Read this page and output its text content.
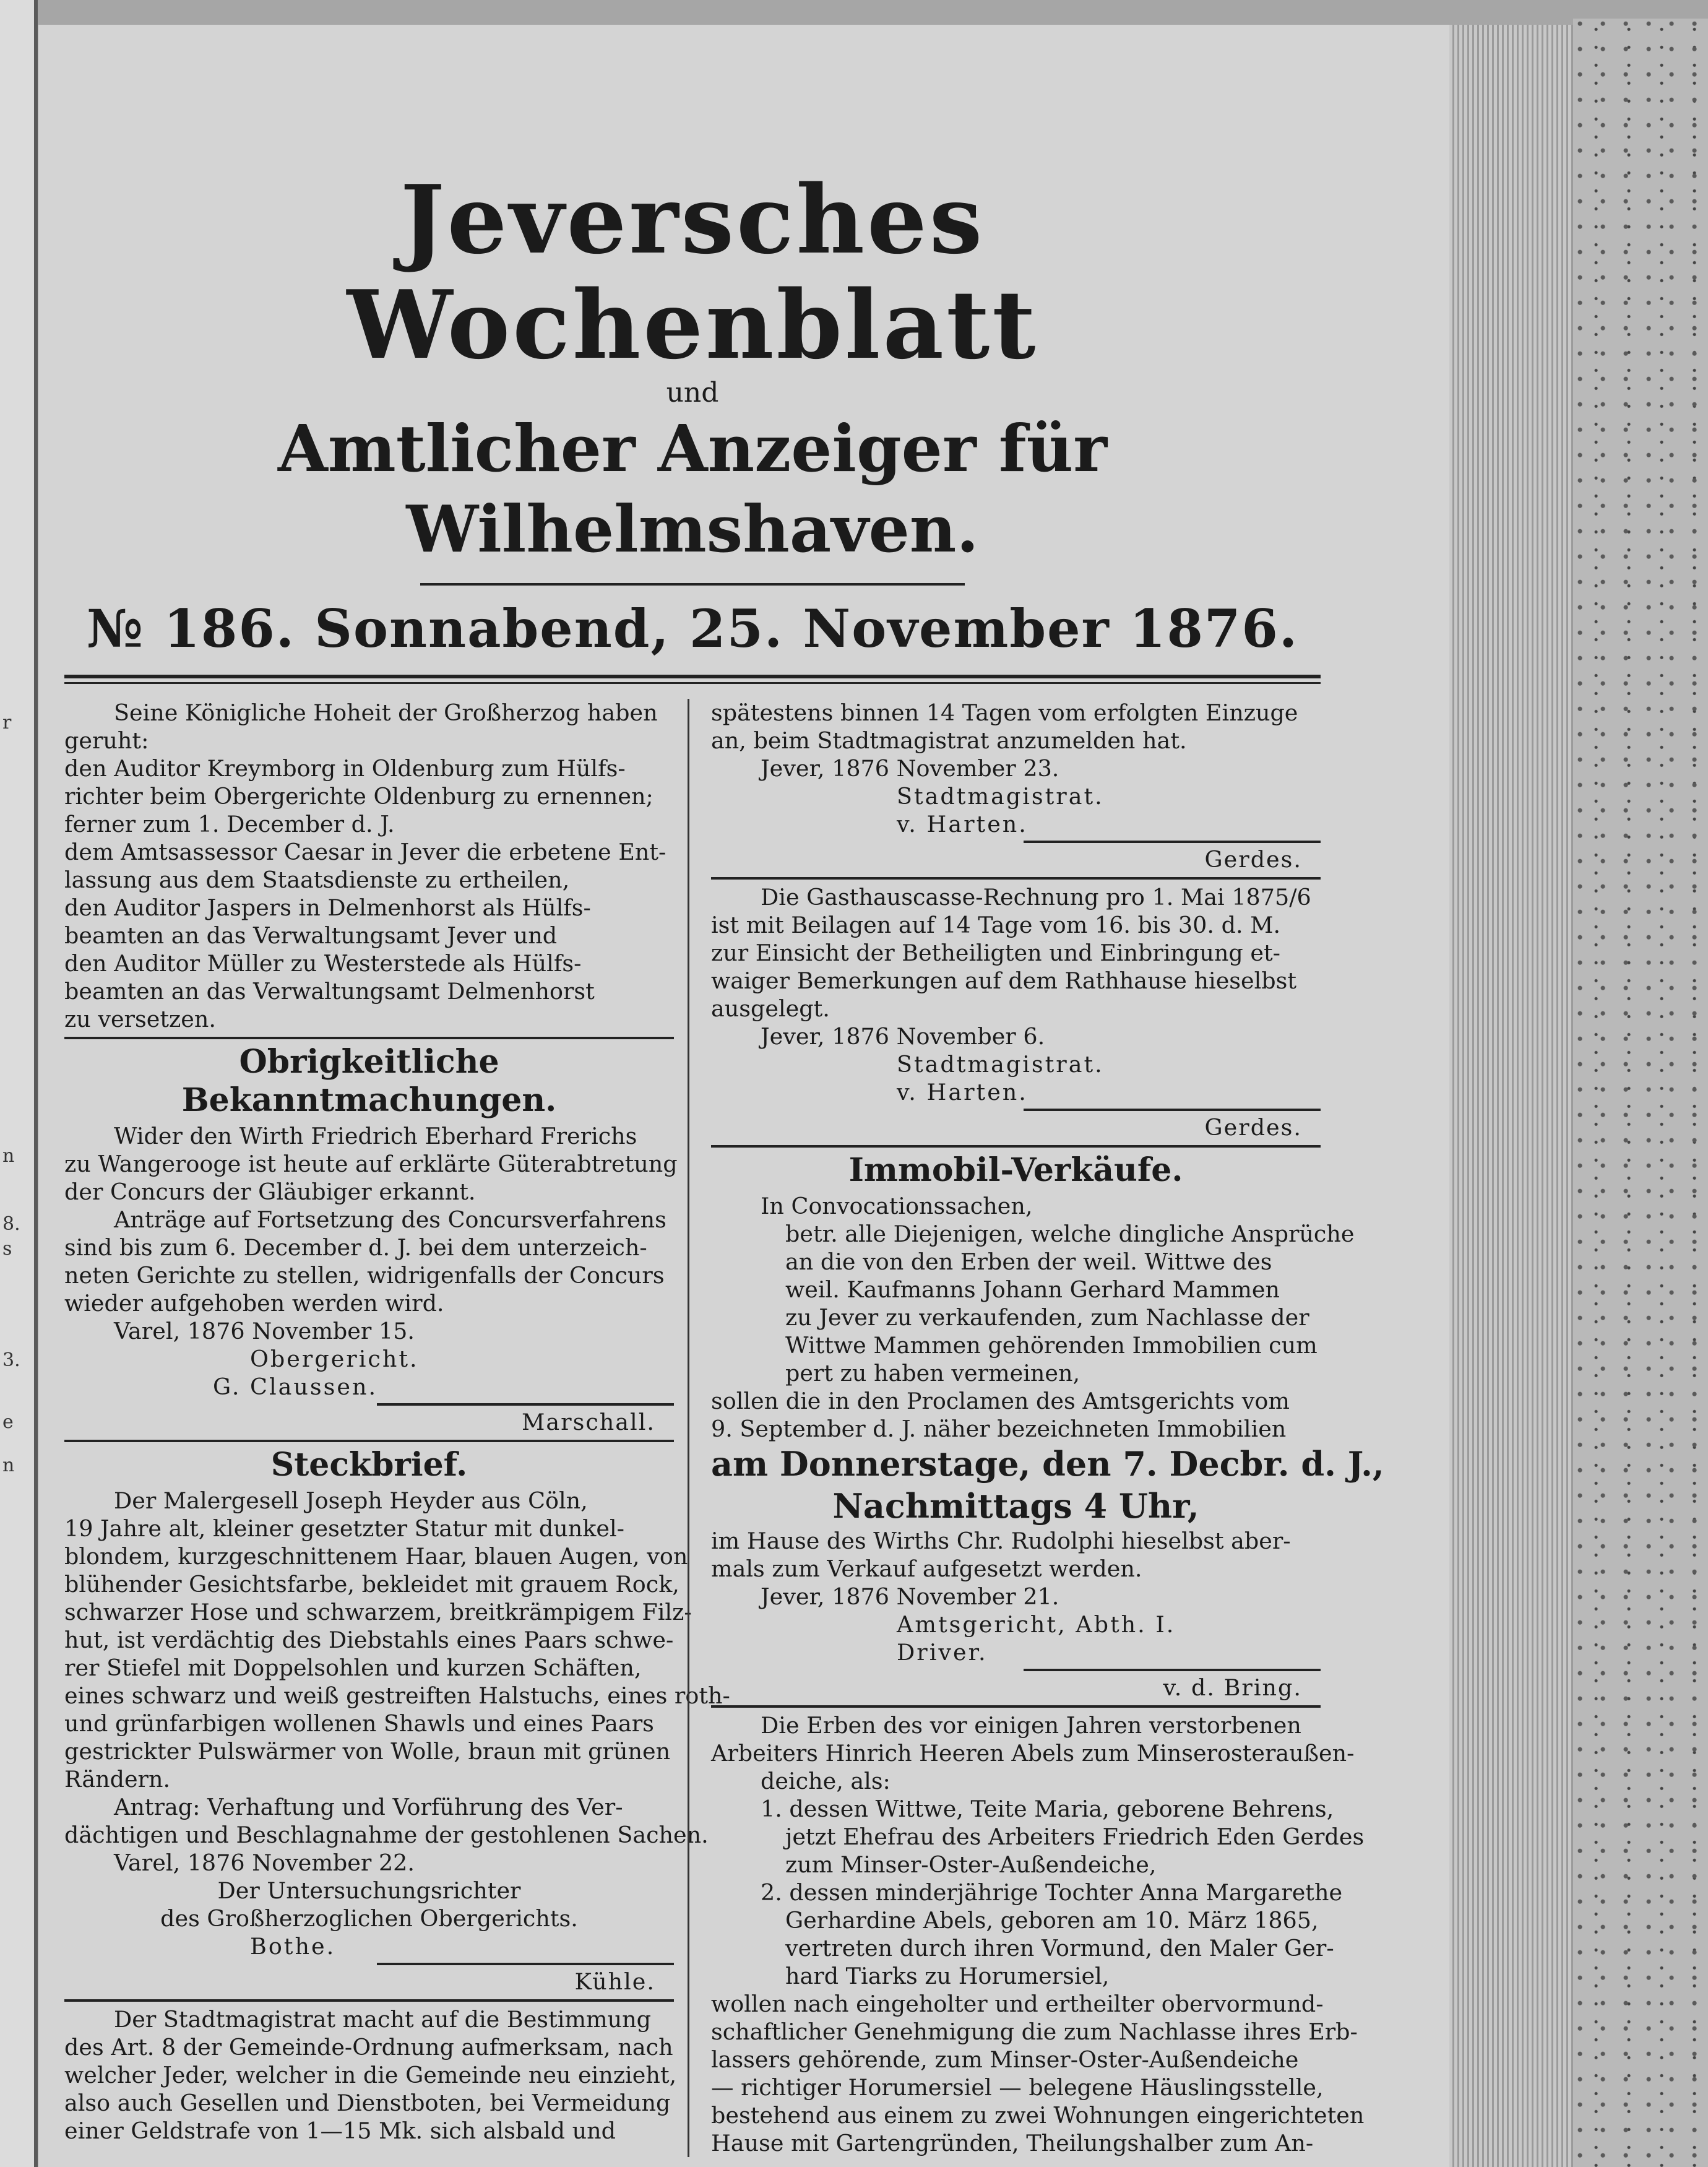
r
8.
3.
n
s
e
n
Jeversches Wochenblatt
und
Amtlicher Anzeiger für Wilhelmshaven.
№ 186. Sonnabend, 25. November 1876.

Seine Königliche Hoheit der Großherzog haben

geruht:

den Auditor Kreymborg in Oldenburg zum Hülfs-

richter beim Obergerichte Oldenburg zu ernennen;

ferner zum 1. December d. J.

dem Amtsassessor Caesar in Jever die erbetene Ent-

lassung aus dem Staatsdienste zu ertheilen,

den Auditor Jaspers in Delmenhorst als Hülfs-

beamten an das Verwaltungsamt Jever und

den Auditor Müller zu Westerstede als Hülfs-

beamten an das Verwaltungsamt Delmenhorst

zu versetzen.

Obrigkeitliche Bekanntmachungen.

Wider den Wirth Friedrich Eberhard Frerichs

zu Wangerooge ist heute auf erklärte Güterabtretung

der Concurs der Gläubiger erkannt.

Anträge auf Fortsetzung des Concursverfahrens

sind bis zum 6. December d. J. bei dem unterzeich-

neten Gerichte zu stellen, widrigenfalls der Concurs

wieder aufgehoben werden wird.

Varel, 1876 November 15.

Obergericht.

G. Claussen.

Marschall.

Steckbrief.

Der Malergesell Joseph Heyder aus Cöln,

19 Jahre alt, kleiner gesetzter Statur mit dunkel-

blondem, kurzgeschnittenem Haar, blauen Augen, von

blühender Gesichtsfarbe, bekleidet mit grauem Rock,

schwarzer Hose und schwarzem, breitkrämpigem Filz-

hut, ist verdächtig des Diebstahls eines Paars schwe-

rer Stiefel mit Doppelsohlen und kurzen Schäften,

eines schwarz und weiß gestreiften Halstuchs, eines roth-

und grünfarbigen wollenen Shawls und eines Paars

gestrickter Pulswärmer von Wolle, braun mit grünen

Rändern.

Antrag: Verhaftung und Vorführung des Ver-

dächtigen und Beschlagnahme der gestohlenen Sachen.

Varel, 1876 November 22.

Der Untersuchungsrichter

des Großherzoglichen Obergerichts.

Bothe.

Kühle.

Der Stadtmagistrat macht auf die Bestimmung

des Art. 8 der Gemeinde-Ordnung aufmerksam, nach

welcher Jeder, welcher in die Gemeinde neu einzieht,

also auch Gesellen und Dienstboten, bei Vermeidung

einer Geldstrafe von 1—15 Mk. sich alsbald und

spätestens binnen 14 Tagen vom erfolgten Einzuge

an, beim Stadtmagistrat anzumelden hat.

Jever, 1876 November 23.

Stadtmagistrat.

v. Harten.

Gerdes.

Die Gasthauscasse-Rechnung pro 1. Mai 1875/6

ist mit Beilagen auf 14 Tage vom 16. bis 30. d. M.

zur Einsicht der Betheiligten und Einbringung et-

waiger Bemerkungen auf dem Rathhause hieselbst

ausgelegt.

Jever, 1876 November 6.

Stadtmagistrat.

v. Harten.

Gerdes.

Immobil-Verkäufe.

In Convocationssachen,

betr. alle Diejenigen, welche dingliche Ansprüche

an die von den Erben der weil. Wittwe des

weil. Kaufmanns Johann Gerhard Mammen

zu Jever zu verkaufenden, zum Nachlasse der

Wittwe Mammen gehörenden Immobilien cum

pert zu haben vermeinen,

sollen die in den Proclamen des Amtsgerichts vom

9. September d. J. näher bezeichneten Immobilien

am Donnerstage, den 7. Decbr. d. J.,
Nachmittags 4 Uhr,

im Hause des Wirths Chr. Rudolphi hieselbst aber-

mals zum Verkauf aufgesetzt werden.

Jever, 1876 November 21.

Amtsgericht, Abth. I.

Driver.

v. d. Bring.

Die Erben des vor einigen Jahren verstorbenen

Arbeiters Hinrich Heeren Abels zum Minserosteraußen-

deiche, als:

1. dessen Wittwe, Teite Maria, geborene Behrens,

jetzt Ehefrau des Arbeiters Friedrich Eden Gerdes

zum Minser-Oster-Außendeiche,

2. dessen minderjährige Tochter Anna Margarethe

Gerhardine Abels, geboren am 10. März 1865,

vertreten durch ihren Vormund, den Maler Ger-

hard Tiarks zu Horumersiel,

wollen nach eingeholter und ertheilter obervormund-

schaftlicher Genehmigung die zum Nachlasse ihres Erb-

lassers gehörende, zum Minser-Oster-Außendeiche

— richtiger Horumersiel — belegene Häuslingsstelle,

bestehend aus einem zu zwei Wohnungen eingerichteten

Hause mit Gartengründen, Theilungshalber zum An-
